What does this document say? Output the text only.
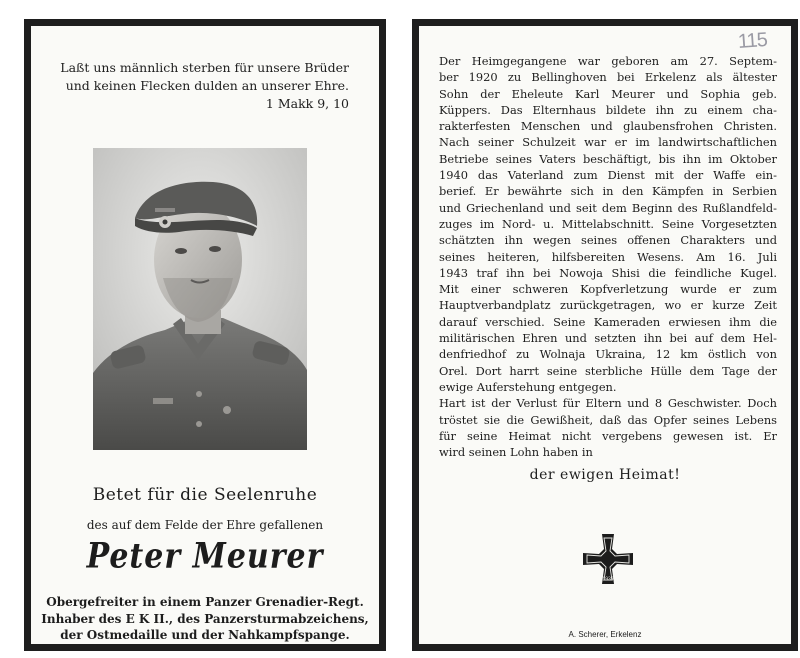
Laßt uns männlich sterben für unsere Brüder
und keinen Flecken dulden an unserer Ehre.
1 Makk 9, 10
Betet für die Seelenruhe
des auf dem Felde der Ehre gefallenen
Peter Meurer
Obergefreiter in einem Panzer Grenadier-Regt.
Inhaber des E K II., des Panzersturmabzeichens,
der Ostmedaille und der Nahkampfspange.
Der Heimgegangene war geboren am 27. Septem-
ber 1920 zu Bellinghoven bei Erkelenz als ältester
Sohn der Eheleute Karl Meurer und Sophia geb.
Küppers. Das Elternhaus bildete ihn zu einem cha-
rakterfesten Menschen und glaubensfrohen Christen.
Nach seiner Schulzeit war er im landwirtschaftlichen
Betriebe seines Vaters beschäftigt, bis ihn im Oktober
1940 das Vaterland zum Dienst mit der Waffe ein-
berief. Er bewährte sich in den Kämpfen in Serbien
und Griechenland und seit dem Beginn des Rußlandfeld-
zuges im Nord- u. Mittelabschnitt. Seine Vorgesetzten
schätzten ihn wegen seines offenen Charakters und
seines heiteren, hilfsbereiten Wesens. Am 16. Juli
1943 traf ihn bei Nowoja Shisi die feindliche Kugel.
Mit einer schweren Kopfverletzung wurde er zum
Hauptverbandplatz zurückgetragen, wo er kurze Zeit
darauf verschied. Seine Kameraden erwiesen ihm die
militärischen Ehren und setzten ihn bei auf dem Hel-
denfriedhof zu Wolnaja Ukraina, 12 km östlich von
Orel. Dort harrt seine sterbliche Hülle dem Tage der
ewige Auferstehung entgegen.
Hart ist der Verlust für Eltern und 8 Geschwister. Doch
tröstet sie die Gewißheit, daß das Opfer seines Lebens
für seine Heimat nicht vergebens gewesen ist. Er
wird seinen Lohn haben in
der ewigen Heimat!
1939
A. Scherer, Erkelenz
115
